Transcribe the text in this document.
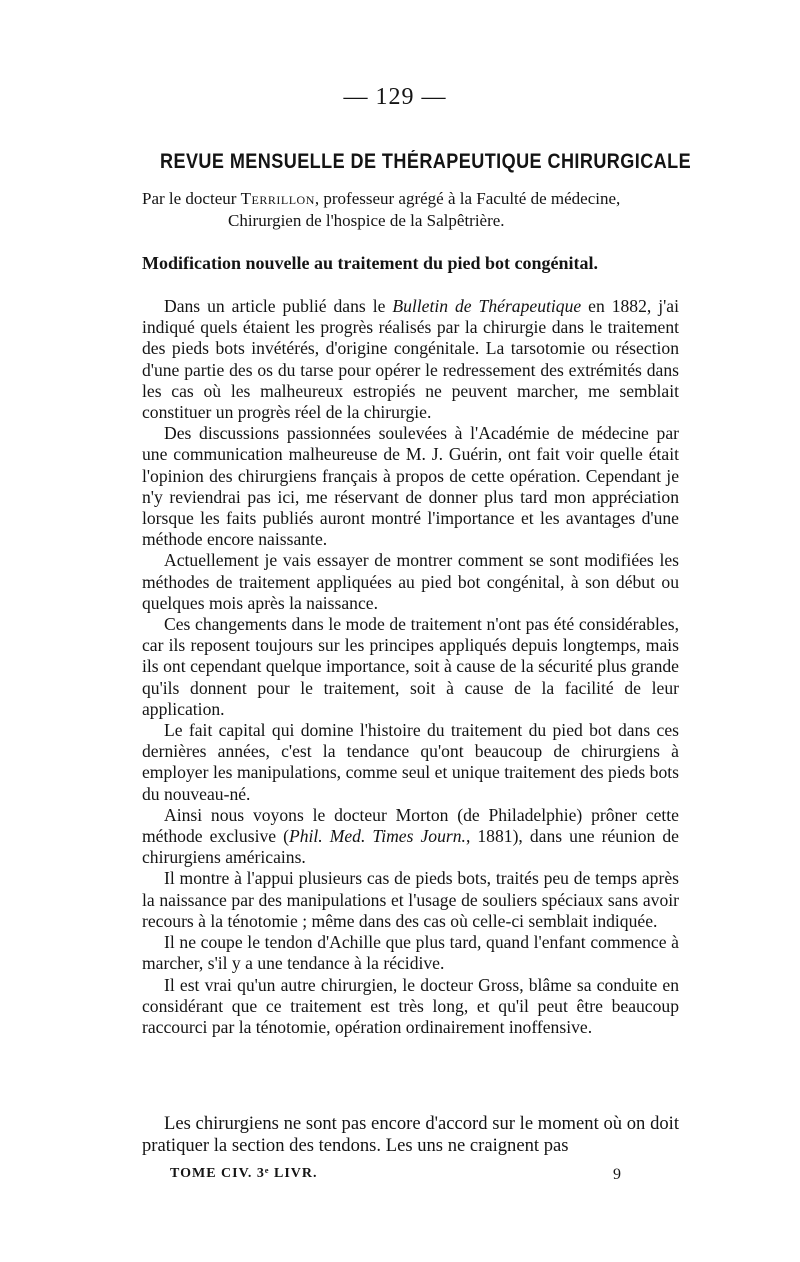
— 129 —
REVUE MENSUELLE DE THÉRAPEUTIQUE CHIRURGICALE
Par le docteur Terrillon, professeur agrégé à la Faculté de médecine,
Chirurgien de l'hospice de la Salpêtrière.
Modification nouvelle au traitement du pied bot congénital.

Dans un article publié dans le Bulletin de Thérapeutique en 1882, j'ai indiqué quels étaient les progrès réalisés par la chirurgie dans le traitement des pieds bots invétérés, d'origine congénitale. La tarsotomie ou résection d'une partie des os du tarse pour opérer le redressement des extrémités dans les cas où les malheureux estropiés ne peuvent marcher, me semblait constituer un progrès réel de la chirurgie.

Des discussions passionnées soulevées à l'Académie de médecine par une communication malheureuse de M. J. Guérin, ont fait voir quelle était l'opinion des chirurgiens français à propos de cette opération. Cependant je n'y reviendrai pas ici, me réservant de donner plus tard mon appréciation lorsque les faits publiés auront montré l'importance et les avantages d'une méthode encore naissante.

Actuellement je vais essayer de montrer comment se sont modifiées les méthodes de traitement appliquées au pied bot congénital, à son début ou quelques mois après la naissance.

Ces changements dans le mode de traitement n'ont pas été considérables, car ils reposent toujours sur les principes appliqués depuis longtemps, mais ils ont cependant quelque importance, soit à cause de la sécurité plus grande qu'ils donnent pour le traitement, soit à cause de la facilité de leur application.

Le fait capital qui domine l'histoire du traitement du pied bot dans ces dernières années, c'est la tendance qu'ont beaucoup de chirurgiens à employer les manipulations, comme seul et unique traitement des pieds bots du nouveau-né.

Ainsi nous voyons le docteur Morton (de Philadelphie) prôner cette méthode exclusive (Phil. Med. Times Journ., 1881), dans une réunion de chirurgiens américains.

Il montre à l'appui plusieurs cas de pieds bots, traités peu de temps après la naissance par des manipulations et l'usage de souliers spéciaux sans avoir recours à la ténotomie ; même dans des cas où celle-ci semblait indiquée.

Il ne coupe le tendon d'Achille que plus tard, quand l'enfant commence à marcher, s'il y a une tendance à la récidive.

Il est vrai qu'un autre chirurgien, le docteur Gross, blâme sa conduite en considérant que ce traitement est très long, et qu'il peut être beaucoup raccourci par la ténotomie, opération ordinairement inoffensive.

Les chirurgiens ne sont pas encore d'accord sur le moment où on doit pratiquer la section des tendons. Les uns ne craignent pas

TOME CIV. 3ᵉ LIVR.	9
